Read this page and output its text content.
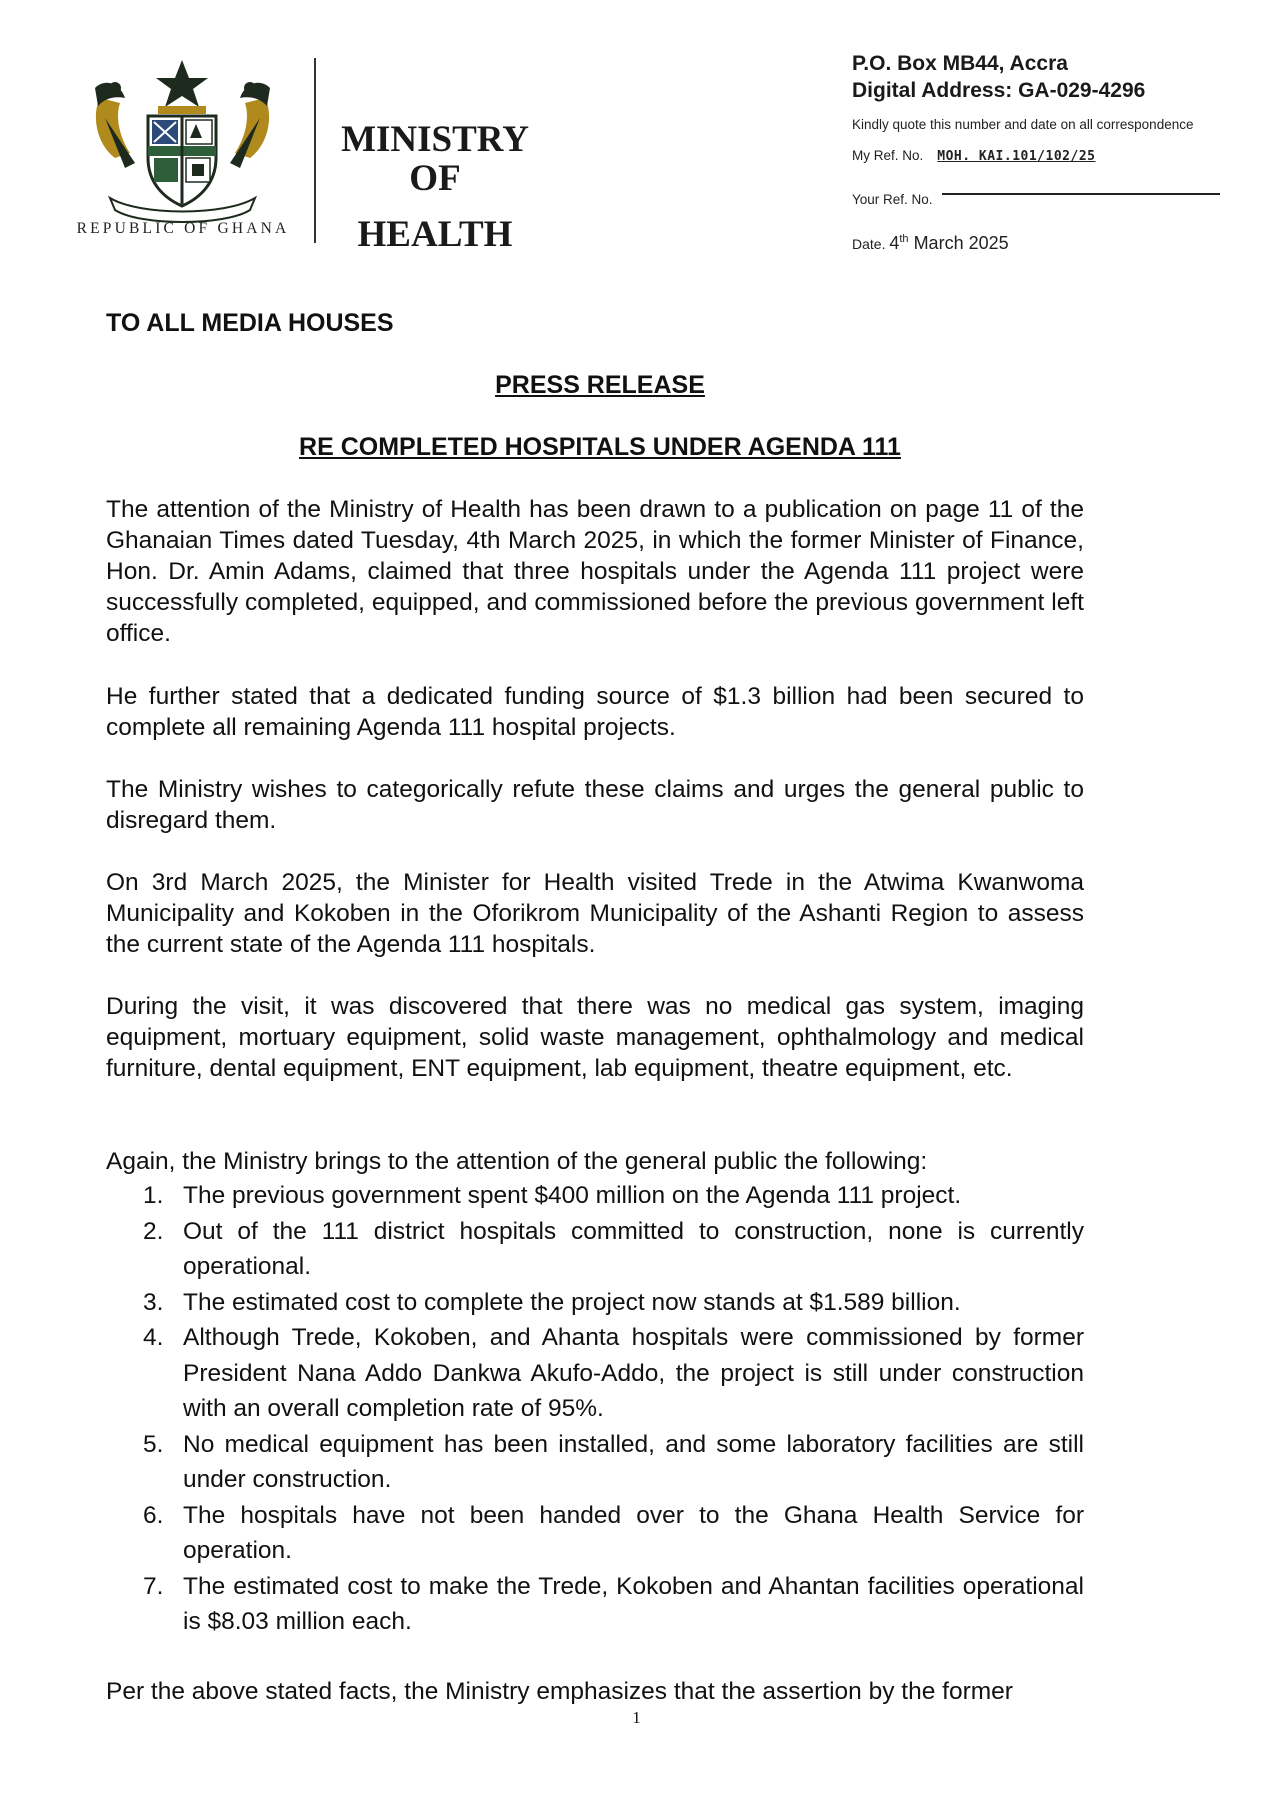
REPUBLIC OF GHANA
MINISTRY
OF
HEALTH
P.O. Box MB44, Accra
Digital Address: GA-029-4296
Kindly quote this number and date on all correspondence
My Ref. No. MOH. KAI.101/102/25
Your Ref. No.
Date. 4th March 2025
TO ALL MEDIA HOUSES
PRESS RELEASE
RE COMPLETED HOSPITALS UNDER AGENDA 111

The attention of the Ministry of Health has been drawn to a publication on page 11 of the Ghanaian Times dated Tuesday, 4th March 2025, in which the former Minister of Finance, Hon. Dr. Amin Adams, claimed that three hospitals under the Agenda 111 project were successfully completed, equipped, and commissioned before the previous government left office.

He further stated that a dedicated funding source of $1.3 billion had been secured to complete all remaining Agenda 111 hospital projects.

The Ministry wishes to categorically refute these claims and urges the general public to disregard them.

On 3rd March 2025, the Minister for Health visited Trede in the Atwima Kwanwoma Municipality and Kokoben in the Oforikrom Municipality of the Ashanti Region to assess the current state of the Agenda 111 hospitals.

During the visit, it was discovered that there was no medical gas system, imaging equipment, mortuary equipment, solid waste management, ophthalmology and medical furniture, dental equipment, ENT equipment, lab equipment, theatre equipment, etc.

Again, the Ministry brings to the attention of the general public the following:

1. The previous government spent $400 million on the Agenda 111 project.
2. Out of the 111 district hospitals committed to construction, none is currently operational.
3. The estimated cost to complete the project now stands at $1.589 billion.
4. Although Trede, Kokoben, and Ahanta hospitals were commissioned by former President Nana Addo Dankwa Akufo-Addo, the project is still under construction with an overall completion rate of 95%.
5. No medical equipment has been installed, and some laboratory facilities are still under construction.
6. The hospitals have not been handed over to the Ghana Health Service for operation.
7. The estimated cost to make the Trede, Kokoben and Ahantan facilities operational is $8.03 million each.

Per the above stated facts, the Ministry emphasizes that the assertion by the former

1
